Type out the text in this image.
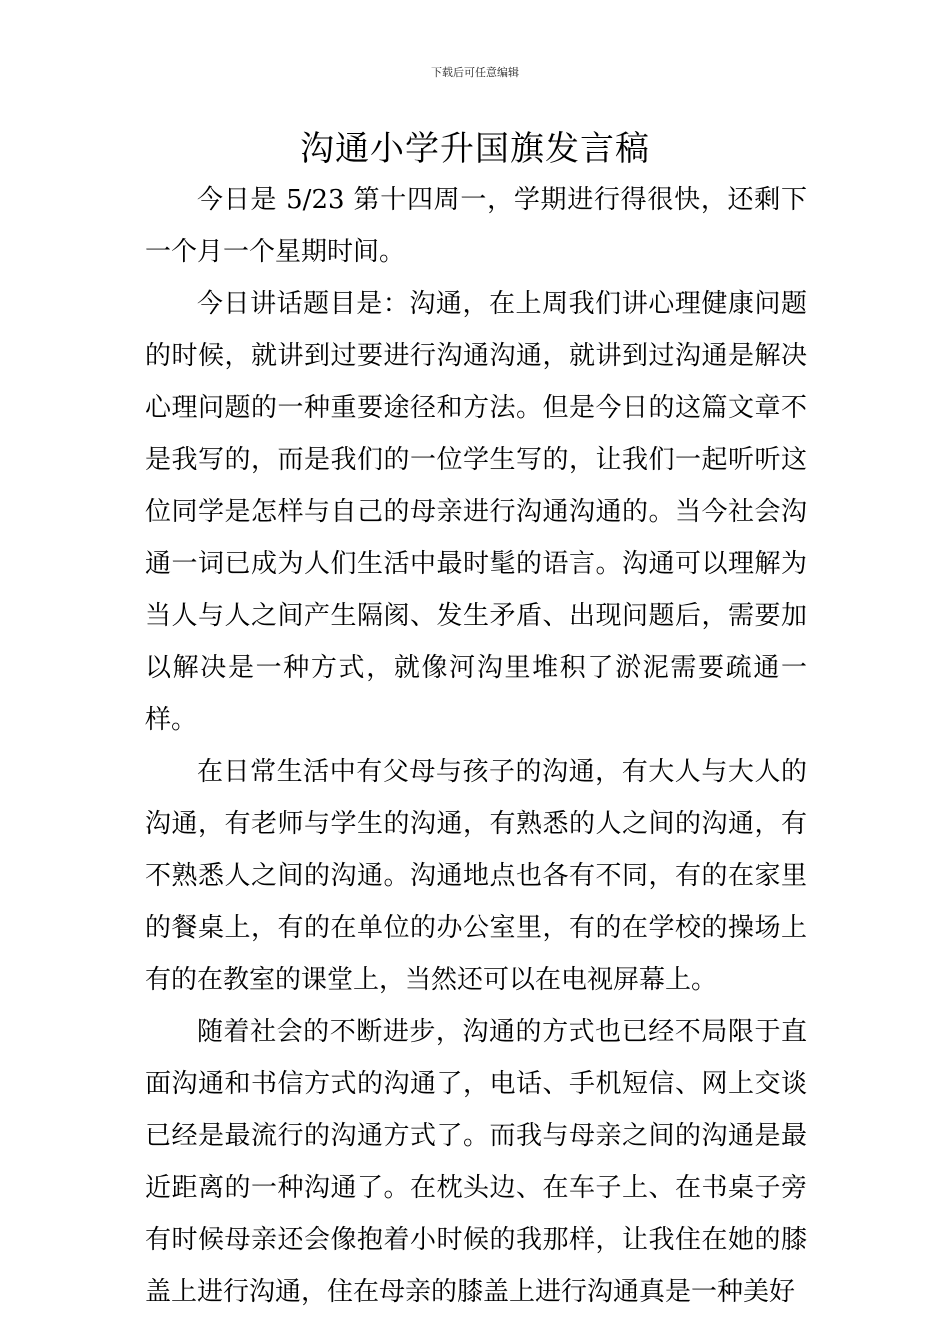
下载后可任意编辑
沟通小学升国旗发言稿

今日是 5/23 第十四周一，学期进行得很快，还剩下一个月一个星期时间。

今日讲话题目是：沟通，在上周我们讲心理健康问题的时候，就讲到过要进行沟通沟通，就讲到过沟通是解决心理问题的一种重要途径和方法。但是今日的这篇文章不是我写的，而是我们的一位学生写的，让我们一起听听这位同学是怎样与自己的母亲进行沟通沟通的。当今社会沟通一词已成为人们生活中最时髦的语言。沟通可以理解为当人与人之间产生隔阂、发生矛盾、出现问题后，需要加以解决是一种方式，就像河沟里堆积了淤泥需要疏通一样。

在日常生活中有父母与孩子的沟通，有大人与大人的沟通，有老师与学生的沟通，有熟悉的人之间的沟通，有不熟悉人之间的沟通。沟通地点也各有不同，有的在家里的餐桌上，有的在单位的办公室里，有的在学校的操场上有的在教室的课堂上，当然还可以在电视屏幕上。

随着社会的不断进步，沟通的方式也已经不局限于直面沟通和书信方式的沟通了，电话、手机短信、网上交谈已经是最流行的沟通方式了。而我与母亲之间的沟通是最近距离的一种沟通了。在枕头边、在车子上、在书桌子旁有时候母亲还会像抱着小时候的我那样，让我住在她的膝盖上进行沟通，住在母亲的膝盖上进行沟通真是一种美好
